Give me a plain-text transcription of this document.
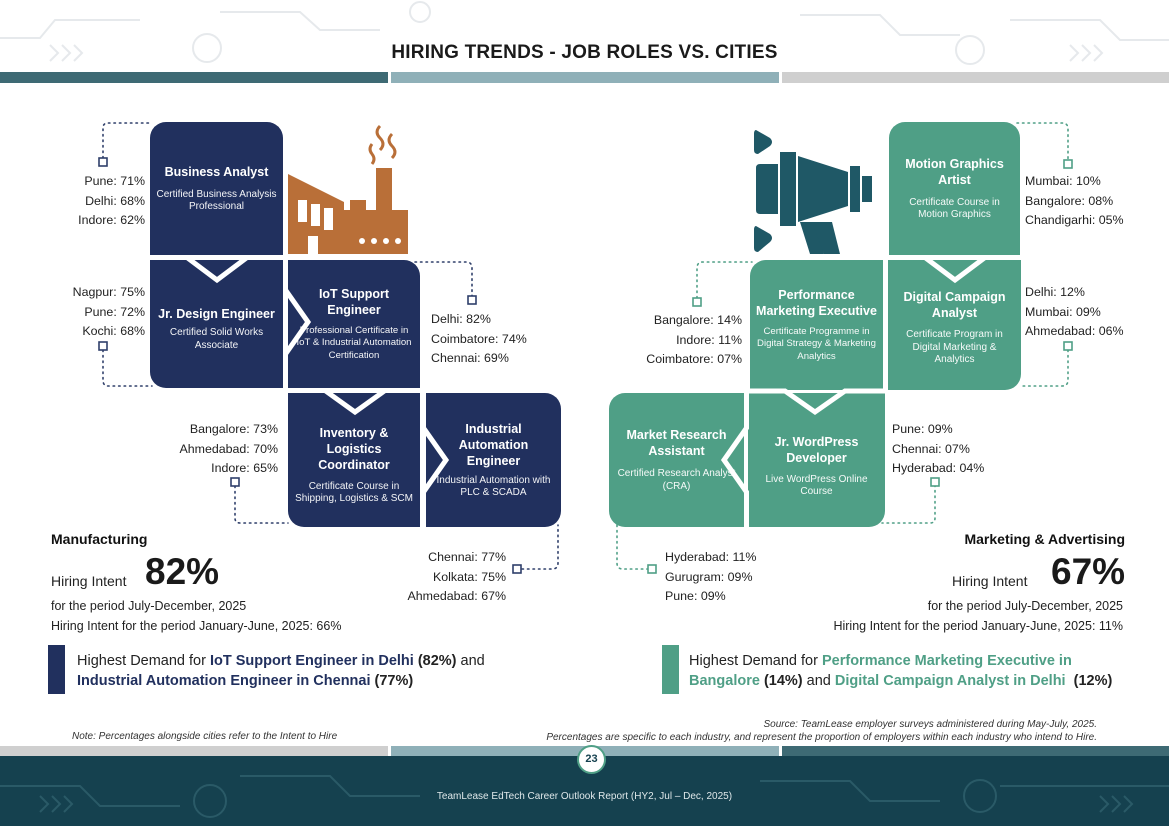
HIRING TRENDS - JOB ROLES VS. CITIES
Business Analyst
Certified Business Analysis Professional
Jr. Design Engineer
Certified Solid Works Associate
IoT Support Engineer
Professional Certificate in IoT & Industrial Automation Certification
Inventory & Logistics Coordinator
Certificate Course in Shipping, Logistics & SCM
Industrial Automation Engineer
Industrial Automation with PLC & SCADA
Pune: 71%
Delhi: 68%
Indore: 62%
Nagpur: 75%
Pune: 72%
Kochi: 68%
Delhi: 82%
Coimbatore: 74%
Chennai: 69%
Bangalore: 73%
Ahmedabad: 70%
Indore: 65%
Chennai: 77%
Kolkata: 75%
Ahmedabad: 67%
Manufacturing
Hiring Intent 82%
for the period July-December, 2025
Hiring Intent for the period January-June, 2025: 66%
Highest Demand for IoT Support Engineer in Delhi (82%) and
Industrial Automation Engineer in Chennai (77%)
Motion Graphics Artist
Certificate Course in Motion Graphics
Performance Marketing Executive
Certificate Programme in Digital Strategy & Marketing Analytics
Digital Campaign Analyst
Certificate Program in Digital Marketing & Analytics
Market Research Assistant
Certified Research Analyst (CRA)
Jr. WordPress Developer
Live WordPress Online Course
Mumbai: 10%
Bangalore: 08%
Chandigarhi: 05%
Bangalore: 14%
Indore: 11%
Coimbatore: 07%
Delhi: 12%
Mumbai: 09%
Ahmedabad: 06%
Hyderabad: 11%
Gurugram: 09%
Pune: 09%
Pune: 09%
Chennai: 07%
Hyderabad: 04%
Marketing & Advertising
Hiring Intent 67%
for the period July-December, 2025
Hiring Intent for the period January-June, 2025: 11%
Highest Demand for Performance Marketing Executive in Bangalore (14%) and Digital Campaign Analyst in Delhi  (12%)
Note: Percentages alongside cities refer to the Intent to Hire
Source: TeamLease employer surveys administered during May-July, 2025.
Percentages are specific to each industry, and represent the proportion of employers within each industry who intend to Hire.
TeamLease EdTech Career Outlook Report (HY2, Jul – Dec, 2025)
23
